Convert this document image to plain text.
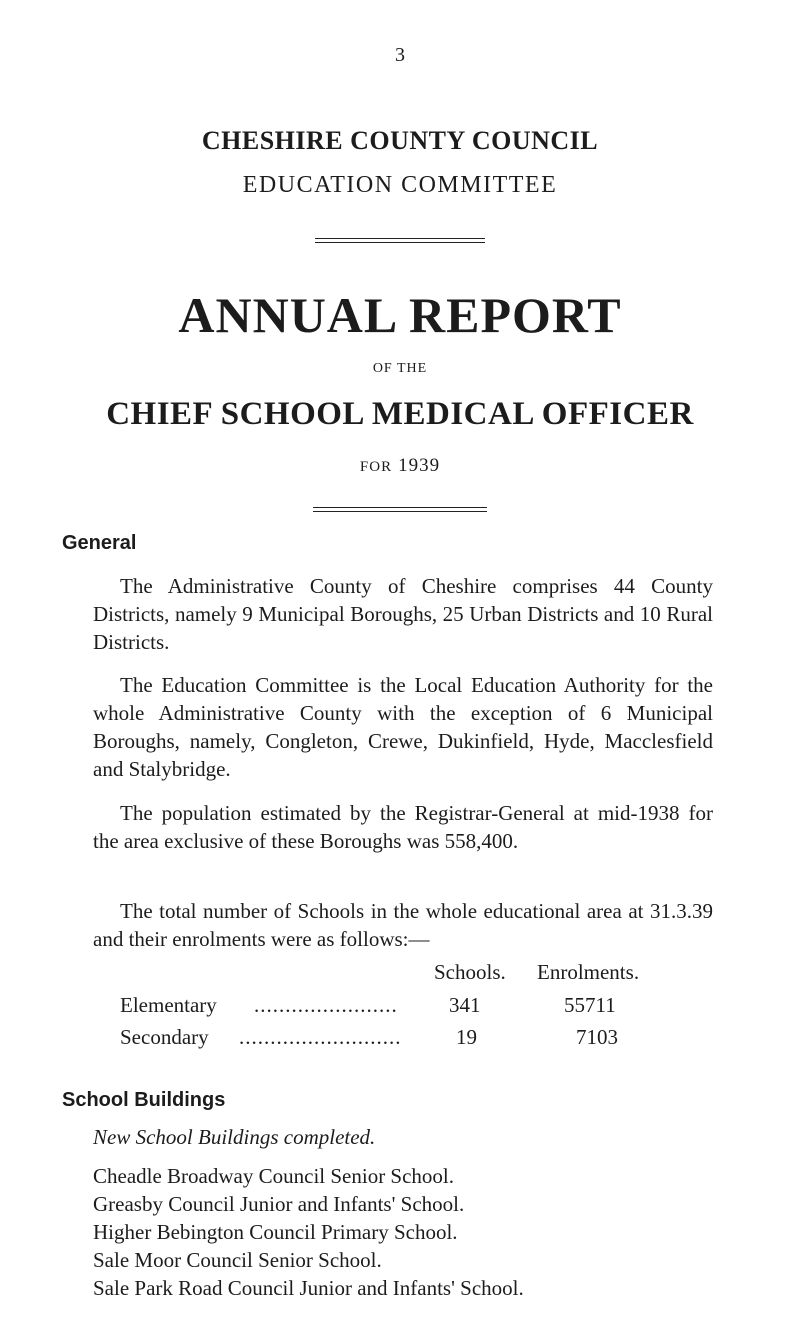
3
CHESHIRE COUNTY COUNCIL
EDUCATION COMMITTEE
ANNUAL REPORT
OF THE
CHIEF SCHOOL MEDICAL OFFICER
FOR 1939
General
The Administrative County of Cheshire comprises 44 County Districts, namely 9 Municipal Boroughs, 25 Urban Districts and 10 Rural Districts.
The Education Committee is the Local Education Authority for the whole Administrative County with the exception of 6 Municipal Boroughs, namely, Congleton, Crewe, Dukinfield, Hyde, Macclesfield and Stalybridge.
The population estimated by the Registrar-General at mid-1938 for the area exclusive of these Boroughs was 558,400.
The total number of Schools in the whole educational area at 31.3.39 and their enrolments were as follows:—
Schools. Enrolments.
Elementary ....................... 341	55711
Secondary ..........................	19	7103
School Buildings
New School Buildings completed.
Cheadle Broadway Council Senior School.
Greasby Council Junior and Infants' School.
Higher Bebington Council Primary School.
Sale Moor Council Senior School.
Sale Park Road Council Junior and Infants' School.
